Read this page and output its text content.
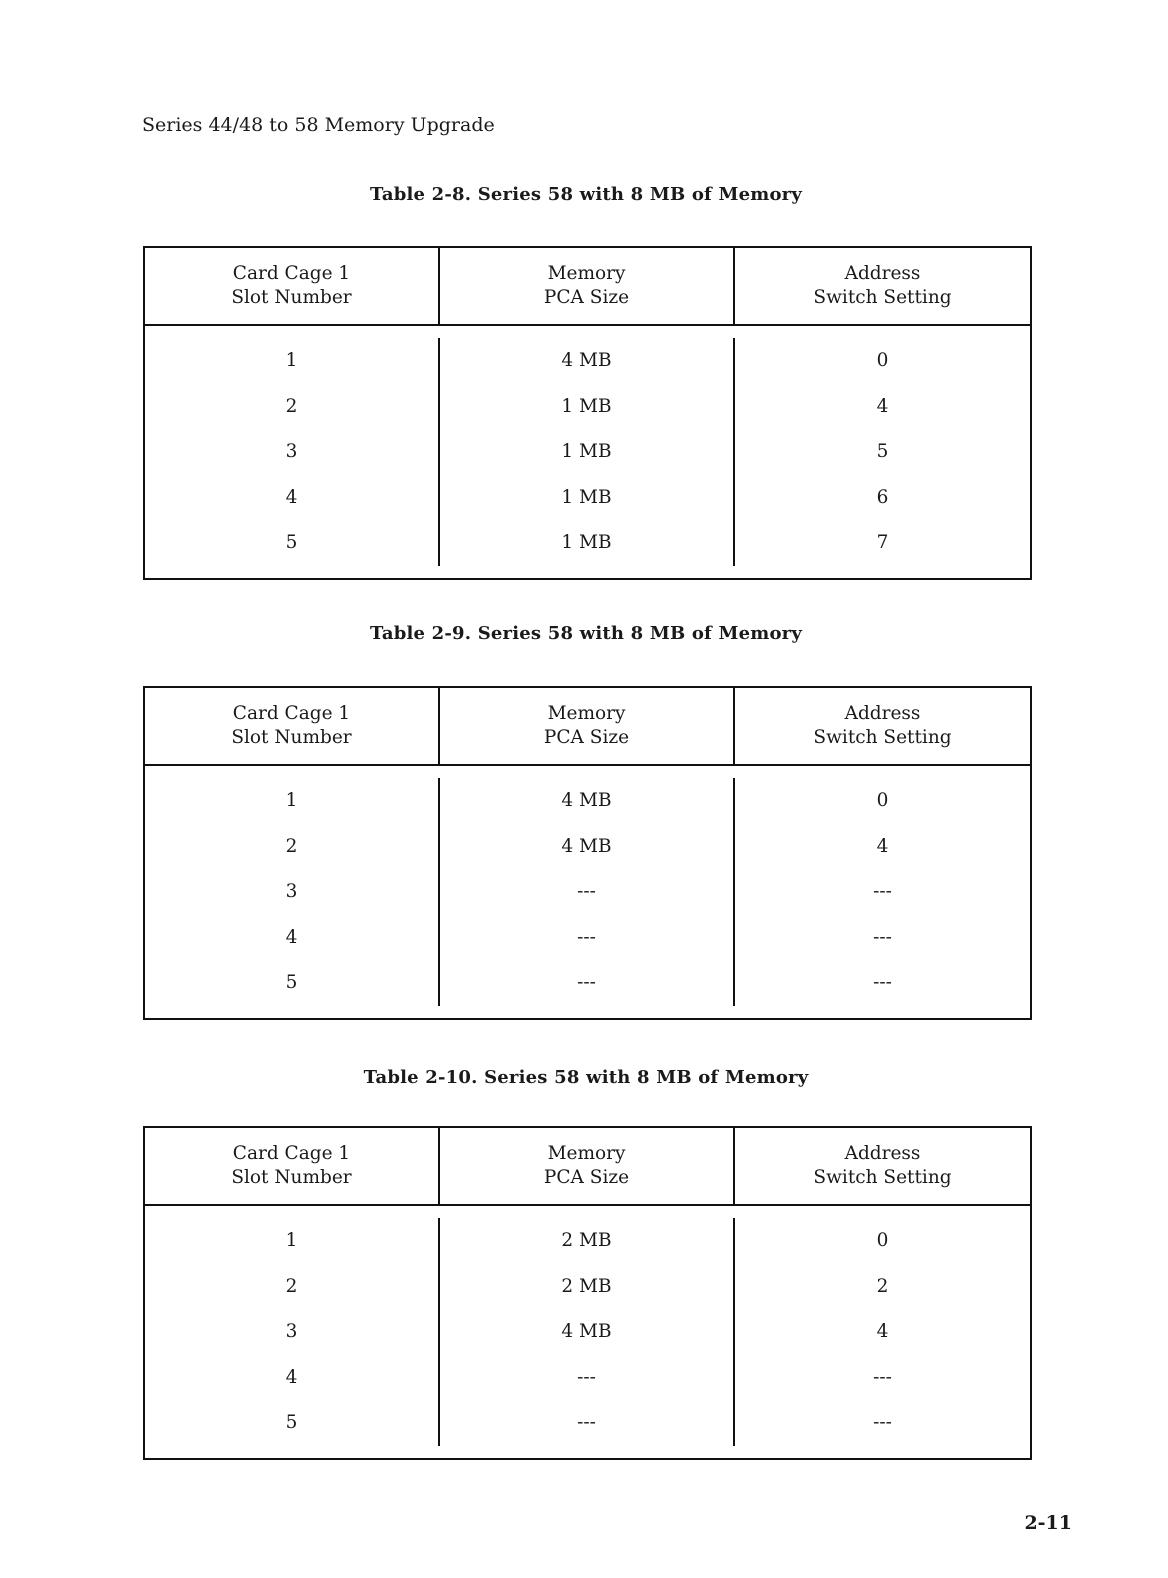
Series 44/48 to 58 Memory Upgrade
Table 2-8. Series 58 with 8 MB of Memory
Card Cage 1
Slot Number
Memory
PCA Size
Address
Switch Setting
1
2
3
4
5
4 MB
1 MB
1 MB
1 MB
1 MB
0
4
5
6
7
Table 2-9. Series 58 with 8 MB of Memory
Card Cage 1
Slot Number
Memory
PCA Size
Address
Switch Setting
1
2
3
4
5
4 MB
4 MB
---
---
---
0
4
---
---
---
Table 2-10. Series 58 with 8 MB of Memory
Card Cage 1
Slot Number
Memory
PCA Size
Address
Switch Setting
1
2
3
4
5
2 MB
2 MB
4 MB
---
---
0
2
4
---
---
2-11
